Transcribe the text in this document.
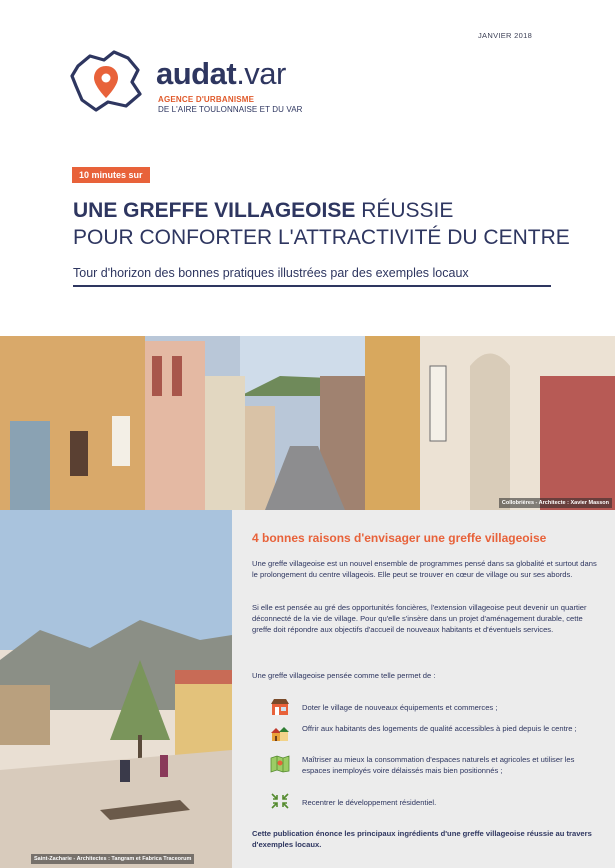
JANVIER 2018
audat.var
AGENCE D'URBANISME
DE L'AIRE TOULONNAISE ET DU VAR
10 minutes sur
UNE GREFFE VILLAGEOISE RÉUSSIE
POUR CONFORTER L'ATTRACTIVITÉ DU CENTRE
Tour d'horizon des bonnes pratiques illustrées par des exemples locaux
Collobrières - Architecte : Xavier Masson
Saint-Zacharie - Architectes : Tangram et Fabrica Traceorum
4 bonnes raisons d'envisager une greffe villageoise

Une greffe villageoise est un nouvel ensemble de programmes pensé dans sa globalité et surtout dans le prolongement du centre villageois. Elle peut se trouver en cœur de village ou sur ses abords.

Si elle est pensée au gré des opportunités foncières, l'extension villageoise peut devenir un quartier déconnecté de la vie de village. Pour qu'elle s'insère dans un projet d'aménagement durable, cette greffe doit répondre aux objectifs d'accueil de nouveaux habitants et d'éventuels services.

Une greffe villageoise pensée comme telle permet de :

Doter le village de nouveaux équipements et commerces ;

Offrir aux habitants des logements de qualité accessibles à pied depuis le centre ;

Maîtriser au mieux la consommation d'espaces naturels et agricoles et utiliser les espaces inemployés voire délaissés mais bien positionnés ;

Recentrer le développement résidentiel.

Cette publication énonce les principaux ingrédients d'une greffe villageoise réussie au travers d'exemples locaux.
